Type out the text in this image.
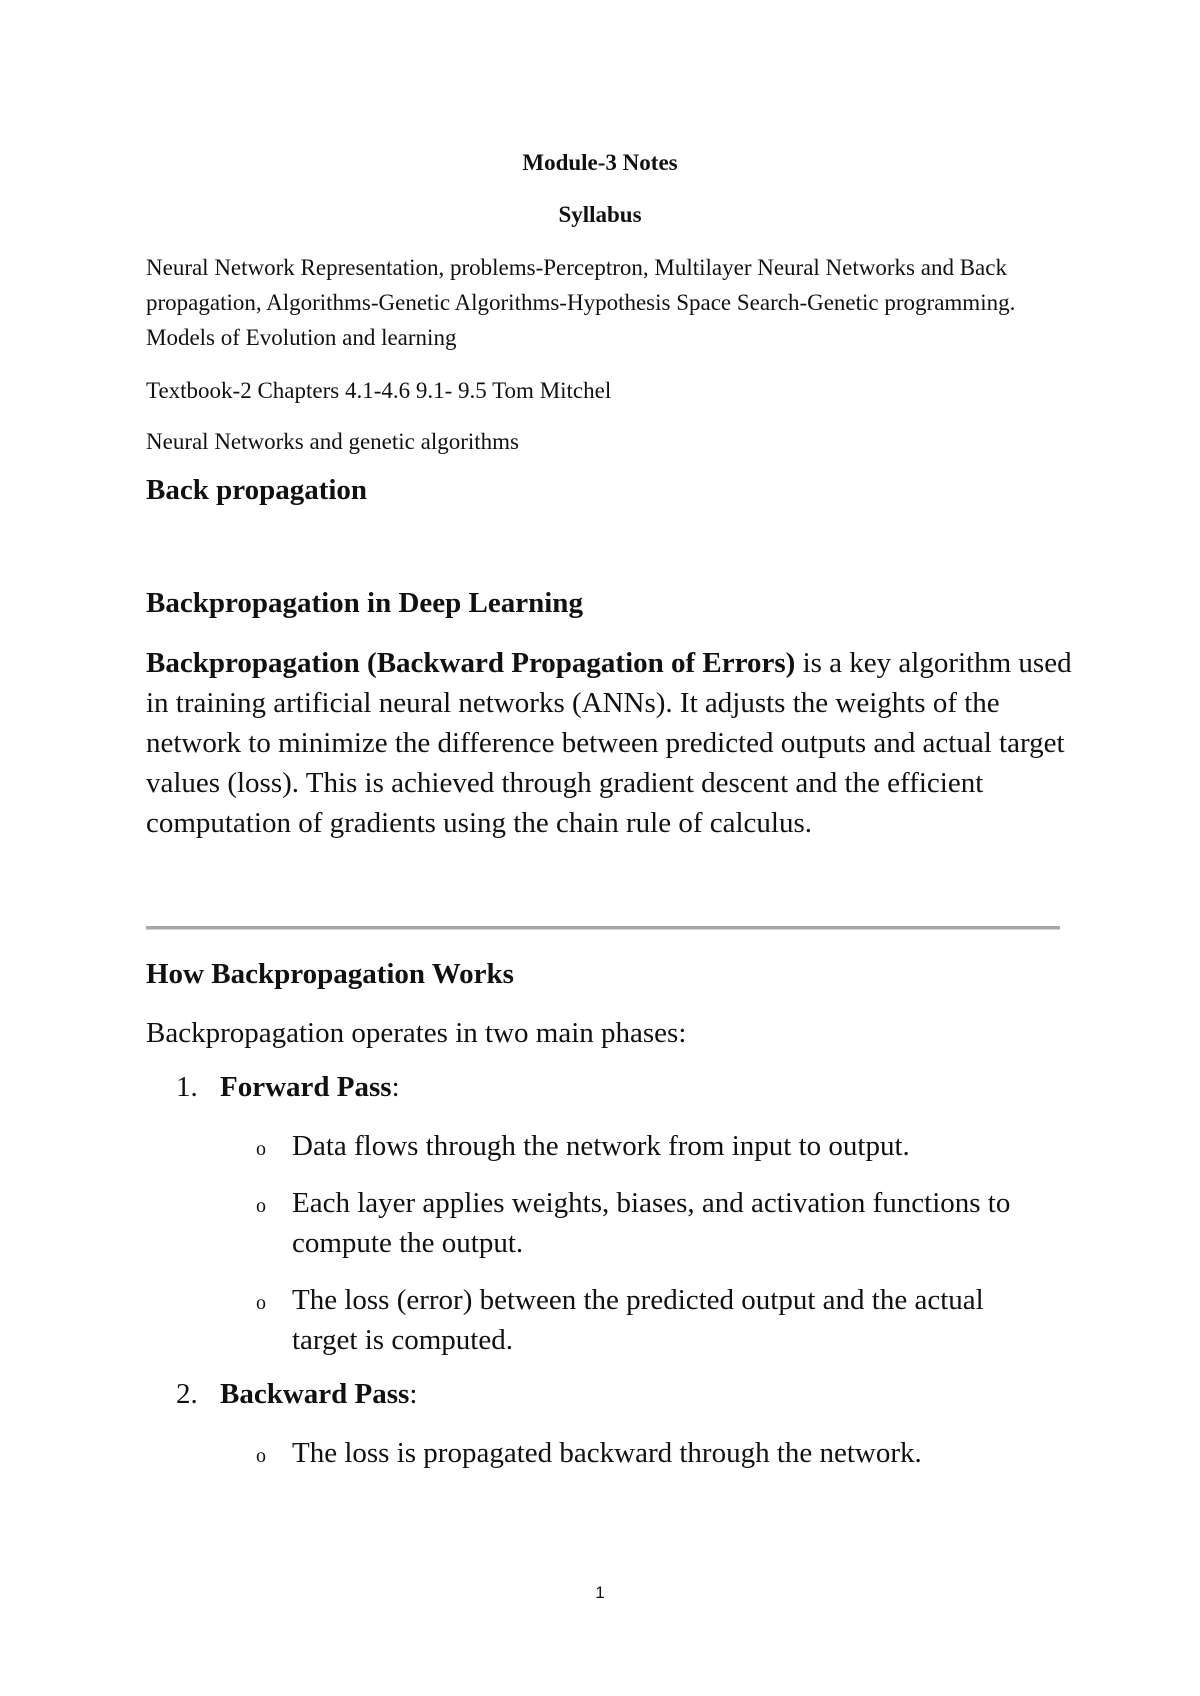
Module-3 Notes
Syllabus
Neural Network Representation, problems-Perceptron, Multilayer Neural Networks and Back propagation, Algorithms-Genetic Algorithms-Hypothesis Space Search-Genetic programming. Models of Evolution and learning
Textbook-2 Chapters 4.1-4.6 9.1- 9.5 Tom Mitchel
Neural Networks and genetic algorithms
Back propagation
Backpropagation in Deep Learning
Backpropagation (Backward Propagation of Errors) is a key algorithm used in training artificial neural networks (ANNs). It adjusts the weights of the network to minimize the difference between predicted outputs and actual target values (loss). This is achieved through gradient descent and the efficient computation of gradients using the chain rule of calculus.
How Backpropagation Works
Backpropagation operates in two main phases:
1. Forward Pass:
o Data flows through the network from input to output.
o Each layer applies weights, biases, and activation functions to compute the output.
o The loss (error) between the predicted output and the actual target is computed.
2. Backward Pass:
o The loss is propagated backward through the network.
1
